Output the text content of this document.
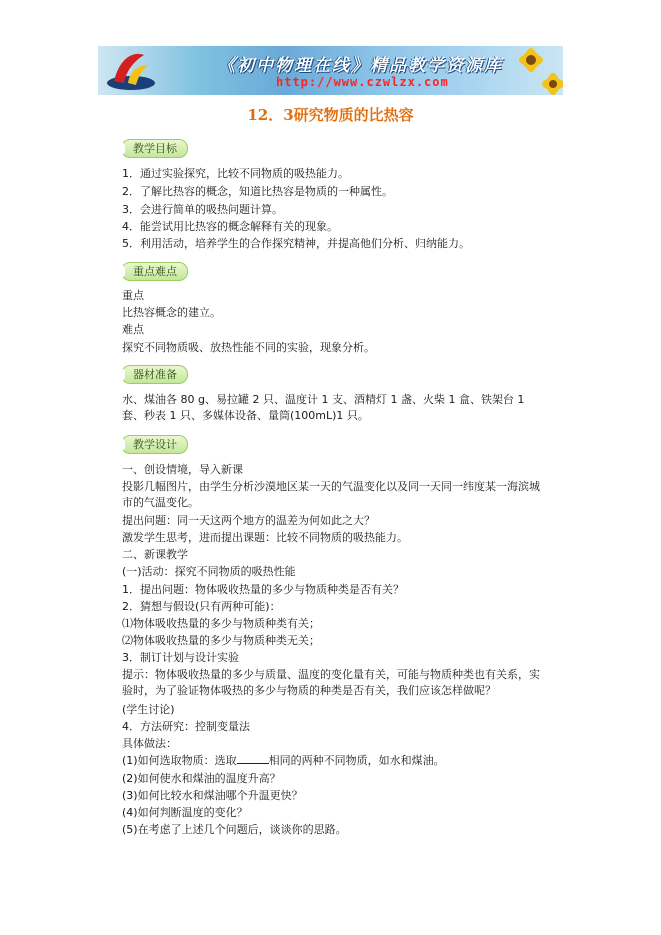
《初中物理在线》精品教学资源库
http://www.czwlzx.com
12．3研究物质的比热容
教学目标
1．通过实验探究，比较不同物质的吸热能力。
2．了解比热容的概念，知道比热容是物质的一种属性。
3．会进行简单的吸热问题计算。
4．能尝试用比热容的概念解释有关的现象。
5．利用活动，培养学生的合作探究精神，并提高他们分析、归纳能力。
重点难点
重点
比热容概念的建立。
难点
探究不同物质吸、放热性能不同的实验，现象分析。
器材准备
水、煤油各 80 g、易拉罐 2 只、温度计 1 支、酒精灯 1 盏、火柴 1 盒、铁架台 1 套、秒表 1 只、多媒体设备、量筒(100mL)1 只。
教学设计
一、创设情境，导入新课
投影几幅图片，由学生分析沙漠地区某一天的气温变化以及同一天同一纬度某一海滨城市的气温变化。
提出问题：同一天这两个地方的温差为何如此之大？
激发学生思考，进而提出课题：比较不同物质的吸热能力。
二、新课教学
(一)活动：探究不同物质的吸热性能
1．提出问题：物体吸收热量的多少与物质种类是否有关？
2．猜想与假设(只有两种可能)：
⑴物体吸收热量的多少与物质种类有关；
⑵物体吸收热量的多少与物质种类无关；
3．制订计划与设计实验
提示：物体吸收热量的多少与质量、温度的变化量有关，可能与物质种类也有关系，实验时，为了验证物体吸热的多少与物质的种类是否有关，我们应该怎样做呢？
(学生讨论)
4．方法研究：控制变量法
具体做法：
(1)如何选取物质：选取	相同的两种不同物质，如水和煤油。
(2)如何使水和煤油的温度升高？
(3)如何比较水和煤油哪个升温更快？
(4)如何判断温度的变化？
(5)在考虑了上述几个问题后，谈谈你的思路。
